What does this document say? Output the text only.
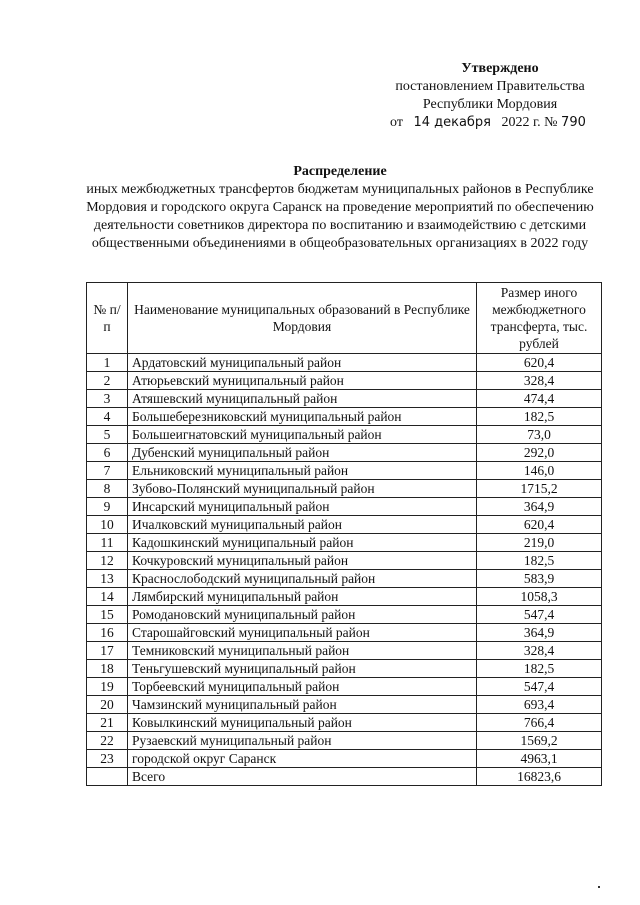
Утверждено
постановлением Правительства
Республики Мордовия
от 14 декабря 2022 г. № 790
Распределение
иных межбюджетных трансфертов бюджетам муниципальных районов в Республике Мордовия и городского округа Саранск на проведение мероприятий по обеспечению деятельности советников директора по воспитанию и взаимодействию с детскими общественными объединениями в общеобразовательных организациях в 2022 году
№ п/п	Наименование муниципальных образований в Республике Мордовия	Размер иного межбюджетного трансферта, тыс. рублей
1	Ардатовский муниципальный район	620,4
2	Атюрьевский муниципальный район	328,4
3	Атяшевский муниципальный район	474,4
4	Большеберезниковский муниципальный район	182,5
5	Большеигнатовский муниципальный район	73,0
6	Дубенский муниципальный район	292,0
7	Ельниковский муниципальный район	146,0
8	Зубово-Полянский муниципальный район	1715,2
9	Инсарский муниципальный район	364,9
10	Ичалковский муниципальный район	620,4
11	Кадошкинский муниципальный район	219,0
12	Кочкуровский муниципальный район	182,5
13	Краснослободский муниципальный район	583,9
14	Лямбирский муниципальный район	1058,3
15	Ромодановский муниципальный район	547,4
16	Старошайговский муниципальный район	364,9
17	Темниковский муниципальный район	328,4
18	Теньгушевский муниципальный район	182,5
19	Торбеевский муниципальный район	547,4
20	Чамзинский муниципальный район	693,4
21	Ковылкинский муниципальный район	766,4
22	Рузаевский муниципальный район	1569,2
23	городской округ Саранск	4963,1
	Всего	16823,6
